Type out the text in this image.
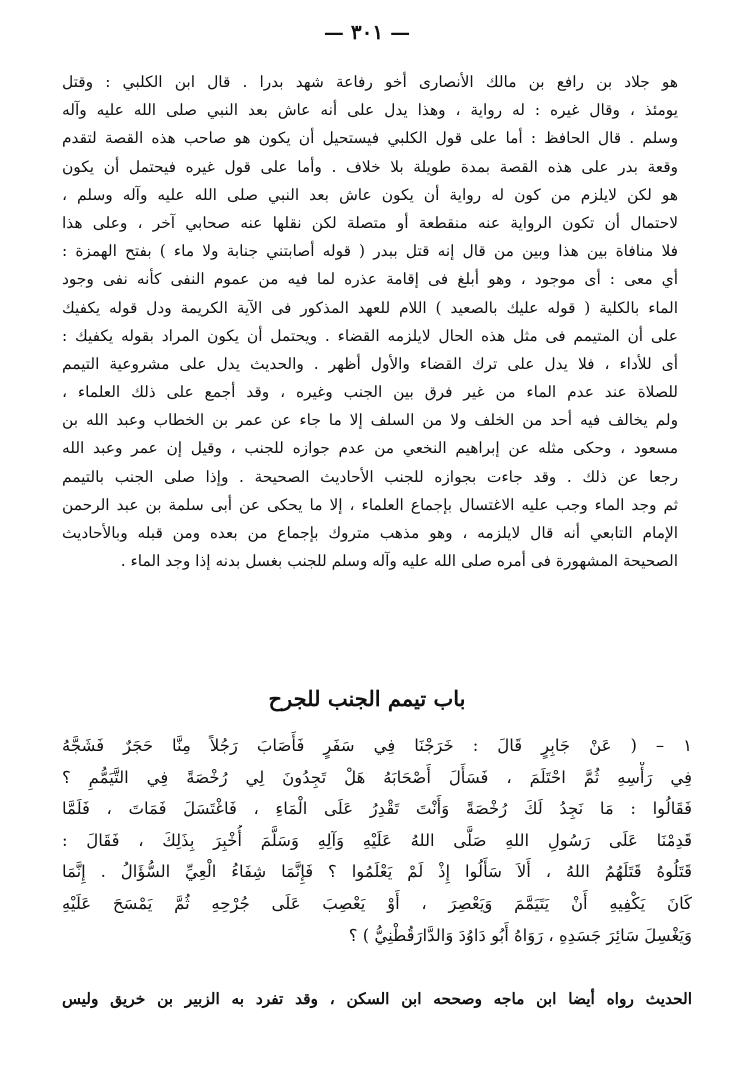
— ٣٠١ —
هو جلاد بن رافع بن مالك الأنصارى أخو رفاعة شهد بدرا . قال ابن الكلبي : وقتل
يومئذ ، وقال غيره : له رواية ، وهذا يدل على أنه عاش بعد النبي صلى الله عليه وآله
وسلم . قال الحافظ : أما على قول الكلبي فيستحيل أن يكون هو صاحب هذه القصة لتقدم
وقعة بدر على هذه القصة بمدة طويلة بلا خلاف . وأما على قول غيره فيحتمل أن يكون
هو لكن لايلزم من كون له رواية أن يكون عاش بعد النبي صلى الله عليه وآله وسلم ،
لاحتمال أن تكون الرواية عنه منقطعة أو متصلة لكن نقلها عنه صحابي آخر ، وعلى هذا
فلا منافاة بين هذا وبين من قال إنه قتل ببدر ( قوله أصابتني جنابة ولا ماء ) بفتح الهمزة :
أي معى : أى موجود ، وهو أبلغ فى إقامة عذره لما فيه من عموم النفى كأنه نفى وجود
الماء بالكلية ( قوله عليك بالصعيد ) اللام للعهد المذكور فى الآية الكريمة ودل قوله يكفيك
على أن المتيمم فى مثل هذه الحال لايلزمه القضاء . ويحتمل أن يكون المراد بقوله يكفيك :
أى للأداء ، فلا يدل على ترك القضاء والأول أظهر . والحديث يدل على مشروعية التيمم
للصلاة عند عدم الماء من غير فرق بين الجنب وغيره ، وقد أجمع على ذلك العلماء ،
ولم يخالف فيه أحد من الخلف ولا من السلف إلا ما جاء عن عمر بن الخطاب وعبد الله بن
مسعود ، وحكى مثله عن إبراهيم النخعي من عدم جوازه للجنب ، وقيل إن عمر وعبد الله
رجعا عن ذلك . وقد جاءت بجوازه للجنب الأحاديث الصحيحة . وإذا صلى الجنب بالتيمم
ثم وجد الماء وجب عليه الاغتسال بإجماع العلماء ، إلا ما يحكى عن أبى سلمة بن عبد الرحمن
الإمام التابعي أنه قال لايلزمه ، وهو مذهب متروك بإجماع من بعده ومن قبله وبالأحاديث
الصحيحة المشهورة فى أمره صلى الله عليه وآله وسلم للجنب بغسل بدنه إذا وجد الماء .
باب تيمم الجنب للجرح
١ – ( عَنْ جَابِرٍ قَالَ : خَرَجْنَا فِي سَفَرٍ فَأَصَابَ رَجُلاً مِنَّا حَجَرٌ فَشَجَّهُ
فِي رَأْسِهِ ثُمَّ احْتَلَمَ ، فَسَأَلَ أَصْحَابَهُ هَلْ تَجِدُونَ لِي رُخْصَةً فِي التَّيَمُّمِ ؟
فَقَالُوا : مَا نَجِدُ لَكَ رُخْصَةً وَأَنْتَ تَقْدِرُ عَلَى الْمَاءِ ، فَاغْتَسَلَ فَمَاتَ ، فَلَمَّا
قَدِمْنَا عَلَى رَسُولِ اللهِ صَلَّى اللهُ عَلَيْهِ وَآلِهِ وَسَلَّمَ أُخْبِرَ بِذَلِكَ ، فَقَالَ :
قَتَلُوهُ قَتَلَهُمُ اللهُ ، أَلاَ سَأَلُوا إِذْ لَمْ يَعْلَمُوا ؟ فَإِنَّمَا شِفَاءُ الْعِيِّ السُّؤَالُ . إِنَّمَا
كَانَ يَكْفِيهِ أَنْ يَتَيَمَّمَ وَيَعْصِرَ ، أَوْ يَعْصِبَ عَلَى جُرْحِهِ ثُمَّ يَمْسَحَ عَلَيْهِ
وَيَغْسِلَ سَائِرَ جَسَدِهِ ، رَوَاهُ أَبُو دَاوُدَ وَالدَّارَقُطْنِيُّ ) ؟
الحديث رواه أيضا ابن ماجه وصححه ابن السكن ، وقد تفرد به الزبير بن خريق وليس
